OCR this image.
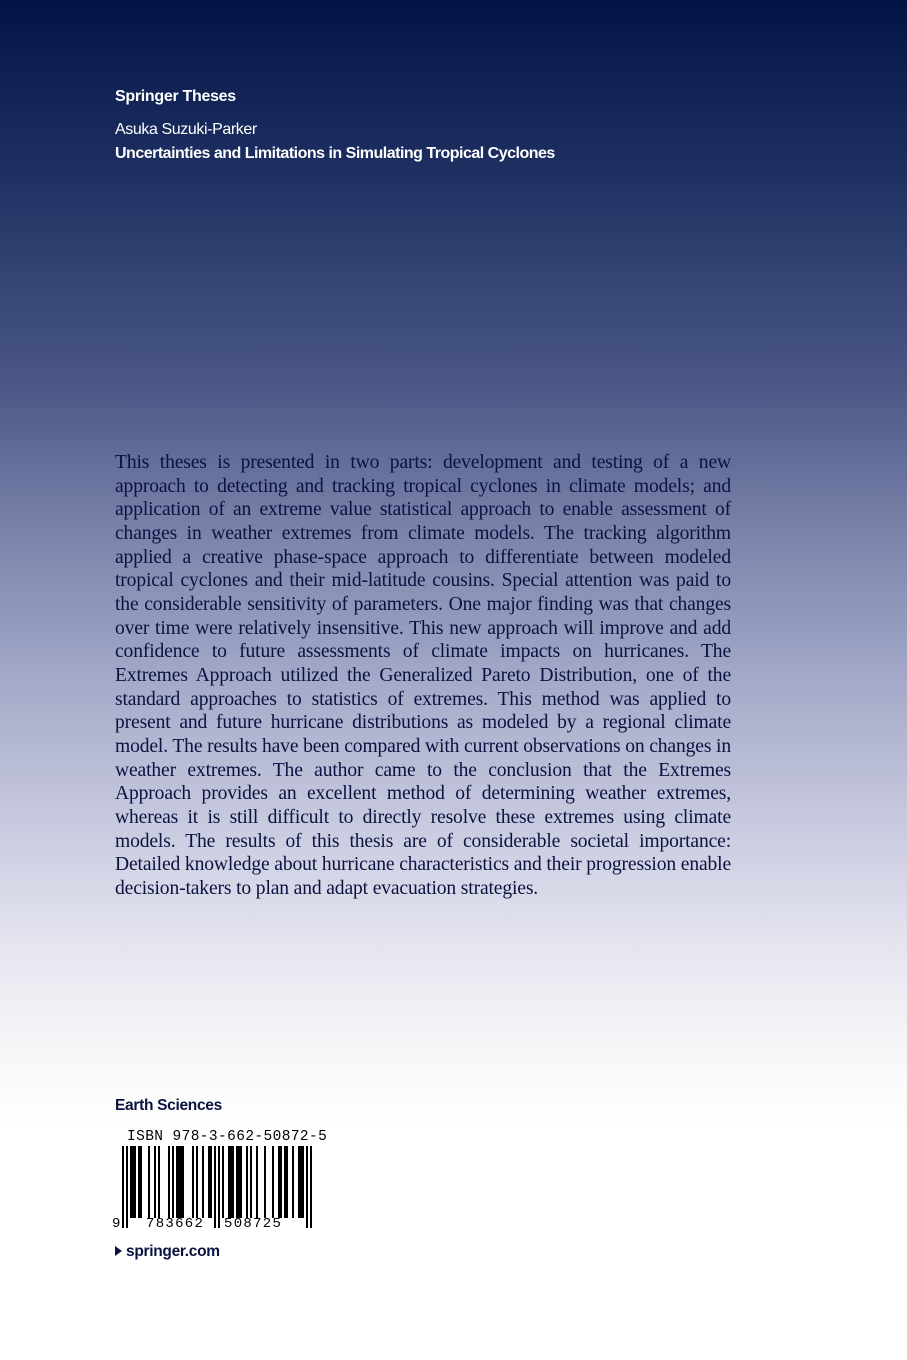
Springer Theses
Asuka Suzuki-Parker
Uncertainties and Limitations in Simulating Tropical Cyclones

This theses is presented in two parts: development and testing of a new approach to detecting and tracking tropical cyclones in climate models; and application of an extreme value statistical approach to enable assessment of changes in weather extremes from climate models. The tracking algorithm applied a creative phase-space approach to differentiate between modeled tropical cyclones and their mid-latitude cousins. Special attention was paid to the considerable sensitivity of parameters. One major finding was that changes over time were relatively insensitive. This new approach will improve and add confidence to future assessments of climate impacts on hurricanes. The Extremes Approach utilized the Generalized Pareto Distribution, one of the standard approaches to statistics of extremes. This method was applied to present and future hurricane distributions as modeled by a regional climate model. The results have been compared with current observations on changes in weather extremes. The author came to the conclusion that the Extremes Approach provides an excellent method of determining weather extremes, whereas it is still difficult to directly resolve these extremes using climate models. The results of this thesis are of considerable societal importance: Detailed knowledge about hurricane characteristics and their progression enable decision-takers to plan and adapt evacuation strategies.

Earth Sciences
ISBN 978-3-662-50872-5
9 783662 508725
springer.com
